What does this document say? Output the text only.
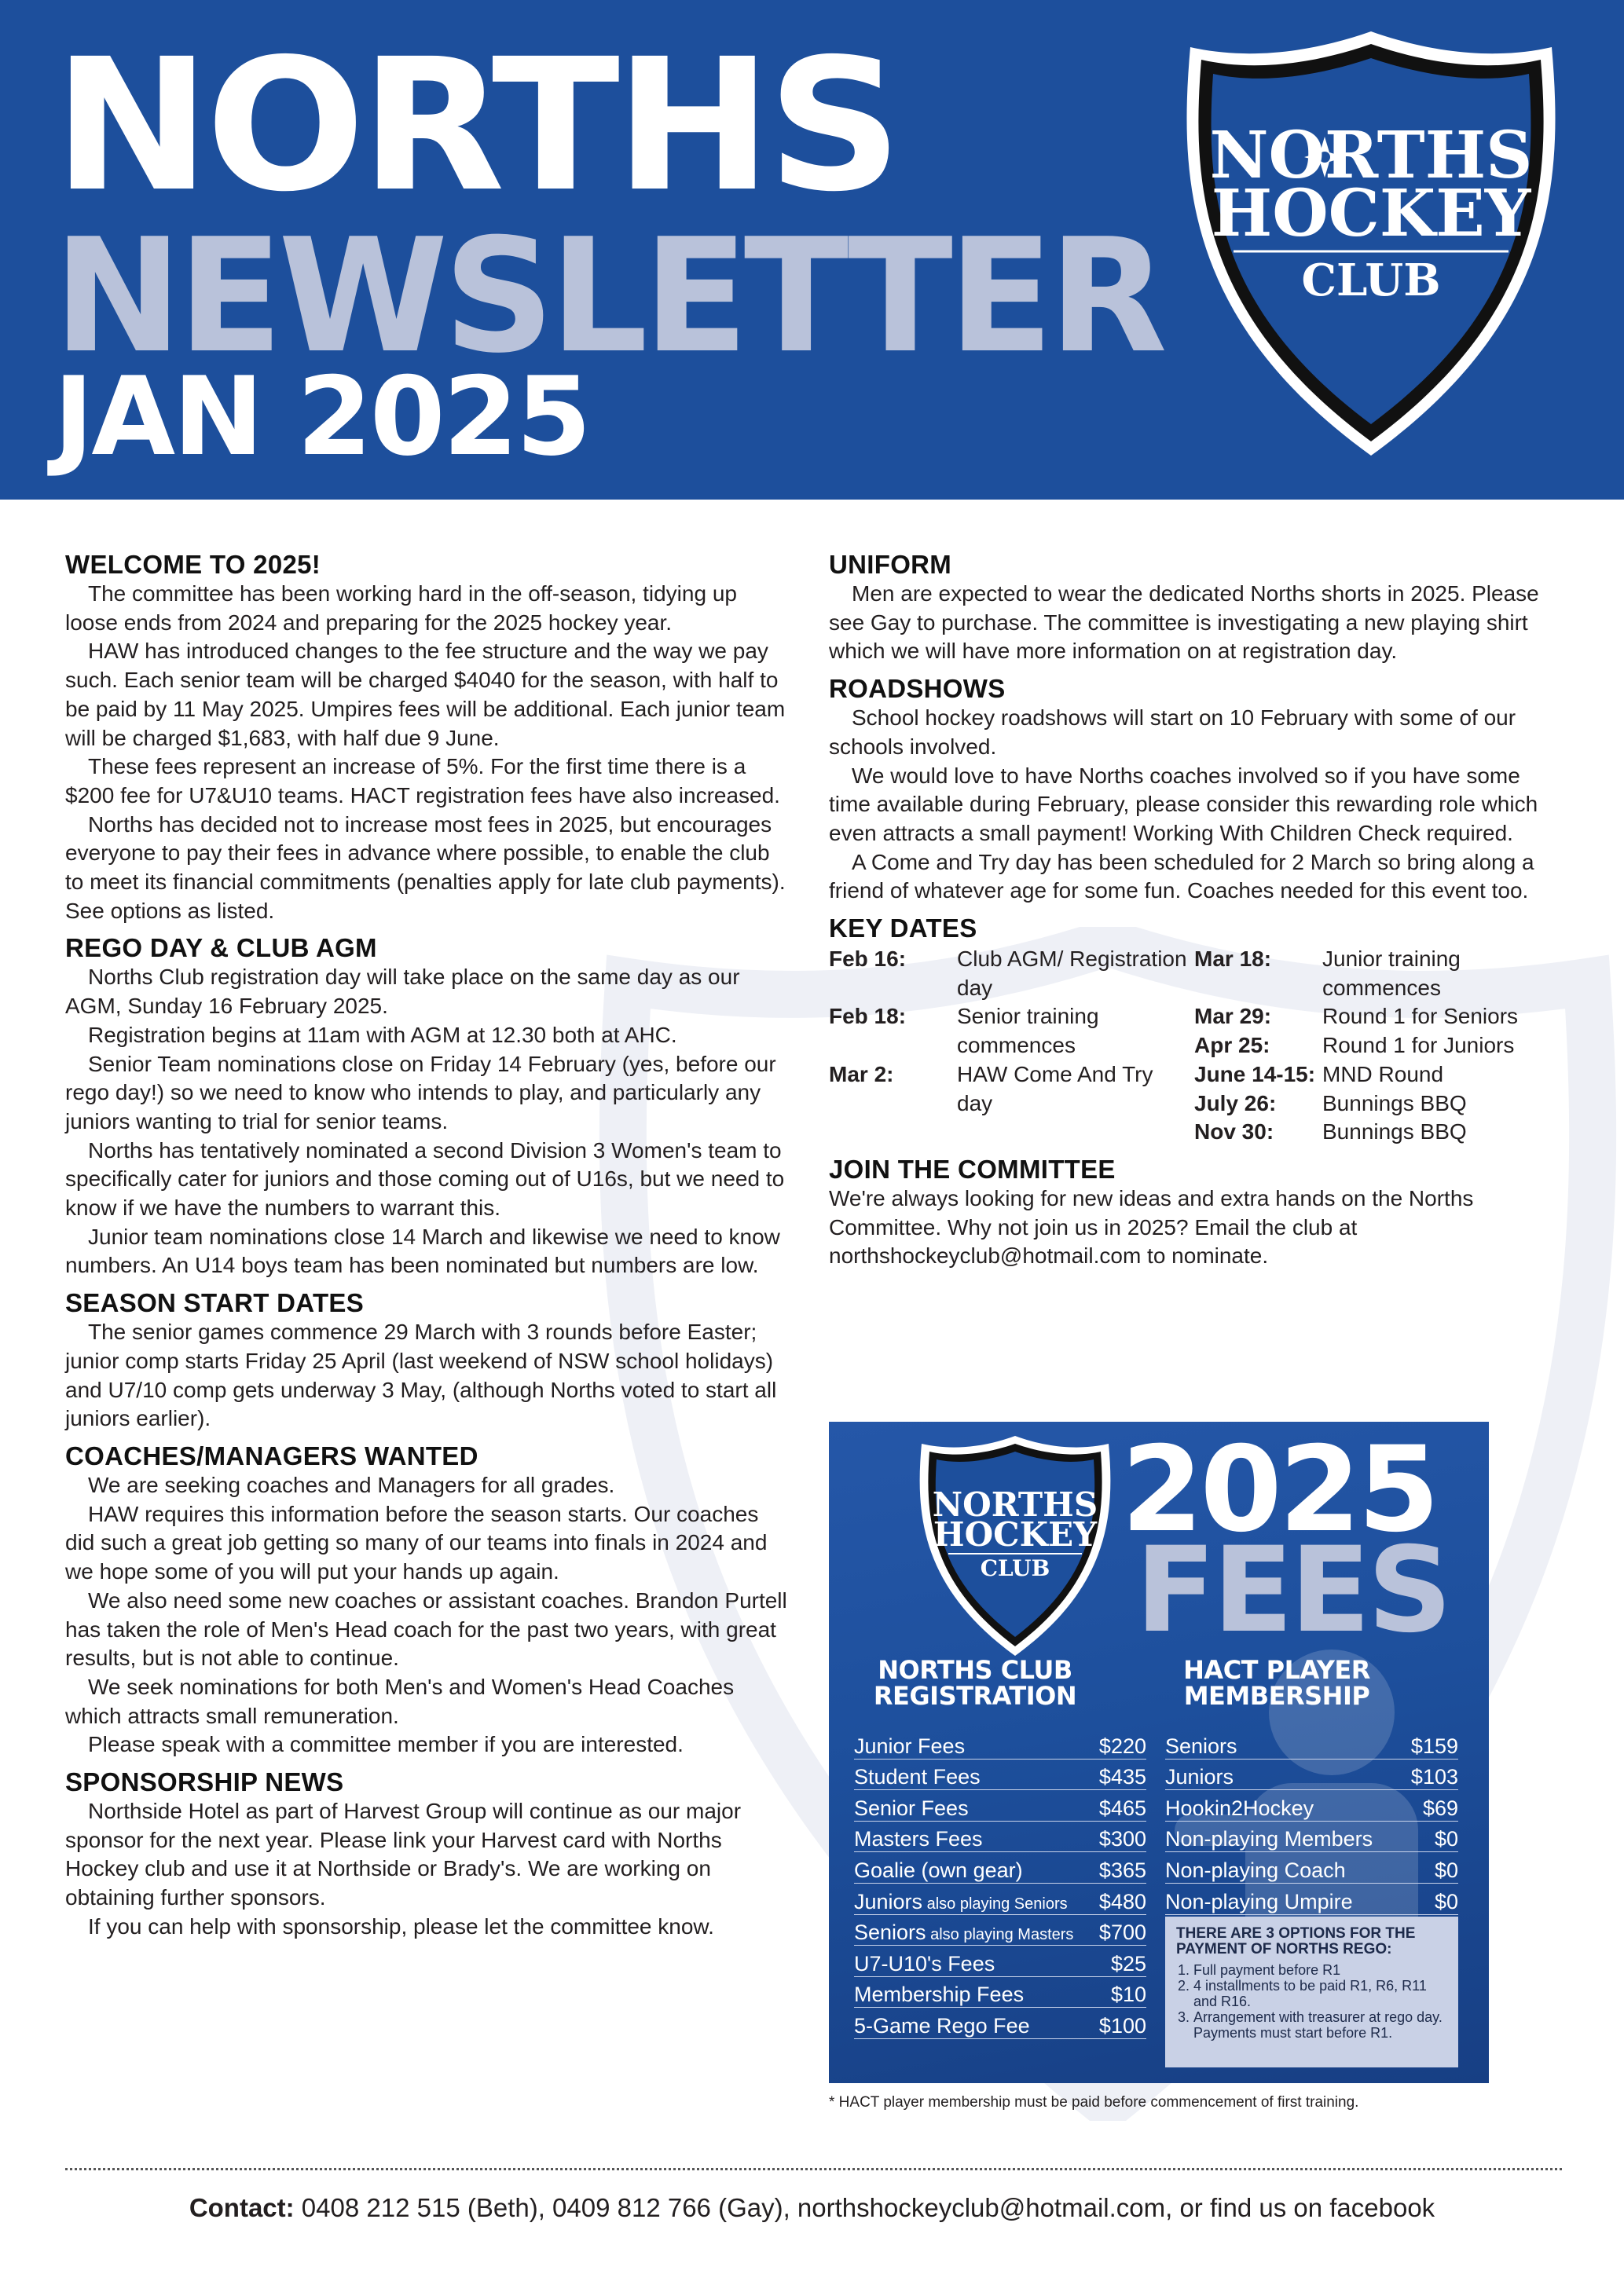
NORTHS
NEWSLETTER
JAN 2025
NORTHS
HOCKEY
CLUB
WELCOME TO 2025!

The committee has been working hard in the off-season, tidying up loose ends from 2024 and preparing for the 2025 hockey year.

HAW has introduced changes to the fee structure and the way we pay such. Each senior team will be charged $4040 for the season, with half to be paid by 11 May 2025. Umpires fees will be additional. Each junior team will be charged $1,683, with half due 9 June.

These fees represent an increase of 5%. For the first time there is a $200 fee for U7&U10 teams. HACT registration fees have also increased.

Norths has decided not to increase most fees in 2025, but encourages everyone to pay their fees in advance where possible, to enable the club to meet its financial commitments (penalties apply for late club payments). See options as listed.

REGO DAY & CLUB AGM

Norths Club registration day will take place on the same day as our AGM, Sunday 16 February 2025.

Registration begins at 11am with AGM at 12.30 both at AHC.

Senior Team nominations close on Friday 14 February (yes, before our rego day!) so we need to know who intends to play, and particularly any juniors wanting to trial for senior teams.

Norths has tentatively nominated a second Division 3 Women's team to specifically cater for juniors and those coming out of U16s, but we need to know if we have the numbers to warrant this.

Junior team nominations close 14 March and likewise we need to know numbers. An U14 boys team has been nominated but numbers are low.

SEASON START DATES

The senior games commence 29 March with 3 rounds before Easter; junior comp starts Friday 25 April (last weekend of NSW school holidays) and U7/10 comp gets underway 3 May, (although Norths voted to start all juniors earlier).

COACHES/MANAGERS WANTED

We are seeking coaches and Managers for all grades.

HAW requires this information before the season starts. Our coaches did such a great job getting so many of our teams into finals in 2024 and we hope some of you will put your hands up again.

We also need some new coaches or assistant coaches. Brandon Purtell has taken the role of Men's Head coach for the past two years, with great results, but is not able to continue.

We seek nominations for both Men's and Women's Head Coaches which attracts small remuneration.

Please speak with a committee member if you are interested.

SPONSORSHIP NEWS

Northside Hotel as part of Harvest Group will continue as our major sponsor for the next year. Please link your Harvest card with Norths Hockey club and use it at Northside or Brady's. We are working on obtaining further sponsors.

If you can help with sponsorship, please let the committee know.

UNIFORM

Men are expected to wear the dedicated Norths shorts in 2025. Please see Gay to purchase. The committee is investigating a new playing shirt which we will have more information on at registration day.

ROADSHOWS

School hockey roadshows will start on 10 February with some of our schools involved.

We would love to have Norths coaches involved so if you have some time available during February, please consider this rewarding role which even attracts a small payment! Working With Children Check required.

A Come and Try day has been scheduled for 2 March so bring along a friend of whatever age for some fun. Coaches needed for this event too.

KEY DATES
Feb 16:	Club AGM/ Registration day
Feb 18:	Senior training commences
Mar 2:	HAW Come And Try day
Mar 18:	Junior training commences
Mar 29:	Round 1 for Seniors
Apr 25:	Round 1 for Juniors
June 14-15: MND Round
July 26:	Bunnings BBQ
Nov 30:	Bunnings BBQ
JOIN THE COMMITTEE

We're always looking for new ideas and extra hands on the Norths Committee. Why not join us in 2025? Email the club at northshockeyclub@hotmail.com to nominate.

NORTHS
HOCKEY
CLUB
2025
FEES
NORTHS CLUB REGISTRATION
HACT PLAYER MEMBERSHIP
Junior Fees	$220
Student Fees	$435
Senior Fees	$465
Masters Fees	$300
Goalie (own gear)	$365
Juniors also playing Seniors $480
Seniors also playing Masters $700
U7-U10's Fees	$25
Membership Fees	$10
5-Game Rego Fee	$100
Seniors	$159
Juniors	$103
Hookin2Hockey	$69
Non-playing Members	$0
Non-playing Coach	$0
Non-playing Umpire	$0
THERE ARE 3 OPTIONS FOR THE PAYMENT OF NORTHS REGO:
1. Full payment before R1
2. 4 installments to be paid R1, R6, R11 and R16.
3. Arrangement with treasurer at rego day. Payments must start before R1.
* HACT player membership must be paid before commencement of first training.
Contact: 0408 212 515 (Beth), 0409 812 766 (Gay), northshockeyclub@hotmail.com, or find us on facebook
